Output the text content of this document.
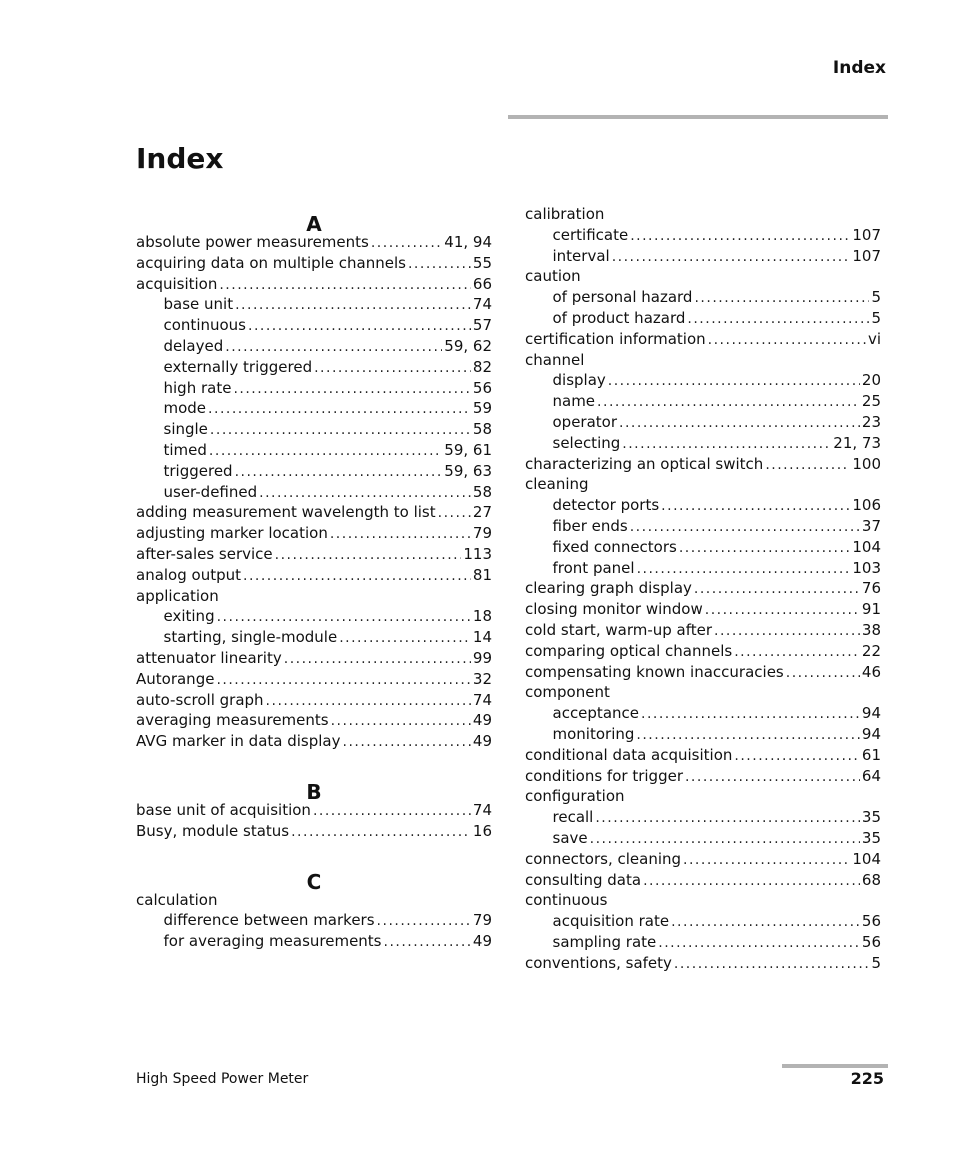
Index
Index
A
absolute power measurements .....	41, 94
acquiring data on multiple channels .....	55
acquisition .....	66
base unit .....	74
continuous .....	57
delayed .....	59, 62
externally triggered .....	82
high rate .....	56
mode .....	59
single .....	58
timed .....	59, 61
triggered .....	59, 63
user-defined .....	58
adding measurement wavelength to list ..... 27
adjusting marker location .....	79
after-sales service .....	113
analog output .....	81
application
exiting .....	18
starting, single-module .....	14
attenuator linearity .....	99
Autorange .....	32
auto-scroll graph .....	74
averaging measurements .....	49
AVG marker in data display .....	49
B
base unit of acquisition .....	74
Busy, module status .....	16
C
calculation
difference between markers .....	79
for averaging measurements .....	49
calibration
certificate .....	107
interval .....	107
caution
of personal hazard .....	5
of product hazard .....	5
certification information .....	vi
channel
display .....	20
name .....	25
operator .....	23
selecting .....	21, 73
characterizing an optical switch .....	100
cleaning
detector ports .....	106
fiber ends .....	37
fixed connectors .....	104
front panel .....	103
clearing graph display .....	76
closing monitor window .....	91
cold start, warm-up after .....	38
comparing optical channels .....	22
compensating known inaccuracies .....	46
component
acceptance .....	94
monitoring .....	94
conditional data acquisition .....	61
conditions for trigger .....	64
configuration
recall .....	35
save .....	35
connectors, cleaning .....	104
consulting data .....	68
continuous
acquisition rate .....	56
sampling rate .....	56
conventions, safety .....	5
High Speed Power Meter	225
